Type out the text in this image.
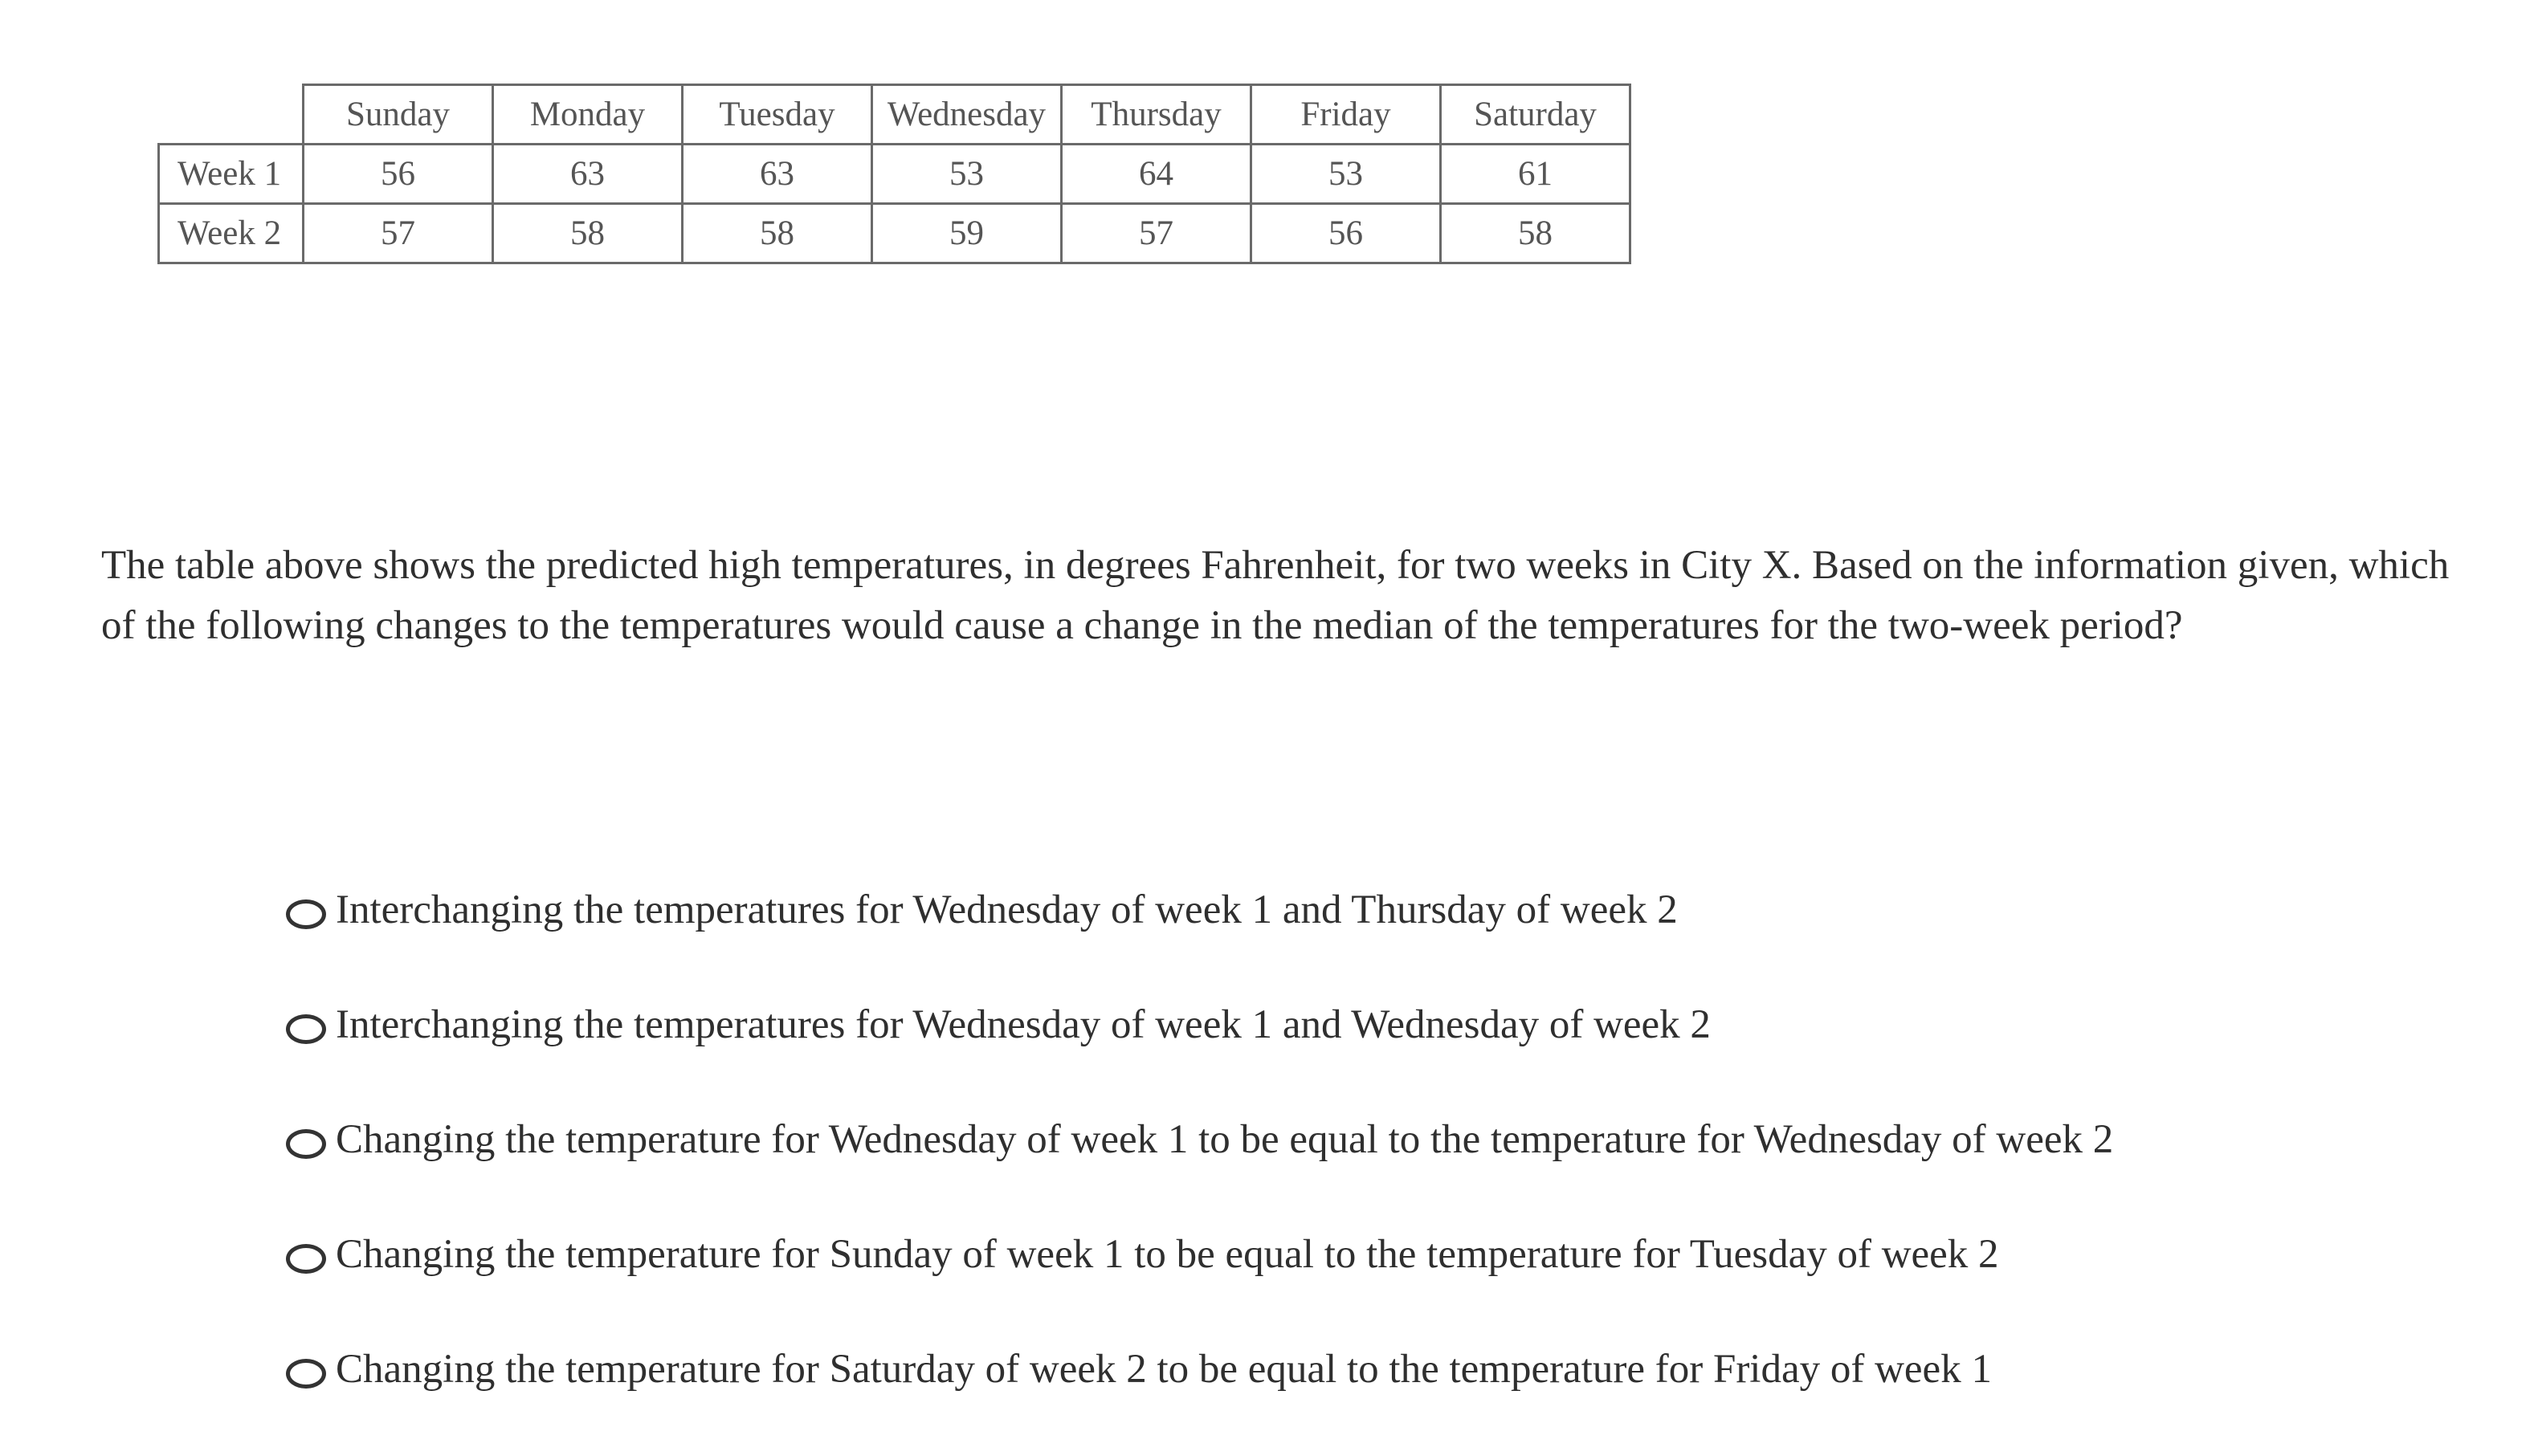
	Sunday	Monday	Tuesday	Wednesday	Thursday	Friday	Saturday
Week 1	56	63	63	53	64	53	61
Week 2	57	58	58	59	57	56	58

The table above shows the predicted high temperatures, in degrees Fahrenheit, for two weeks in City X. Based on the information given, which of the following changes to the temperatures would cause a change in the median of the temperatures for the two-week period?

Interchanging the temperatures for Wednesday of week 1 and Thursday of week 2
Interchanging the temperatures for Wednesday of week 1 and Wednesday of week 2
Changing the temperature for Wednesday of week 1 to be equal to the temperature for Wednesday of week 2
Changing the temperature for Sunday of week 1 to be equal to the temperature for Tuesday of week 2
Changing the temperature for Saturday of week 2 to be equal to the temperature for Friday of week 1
